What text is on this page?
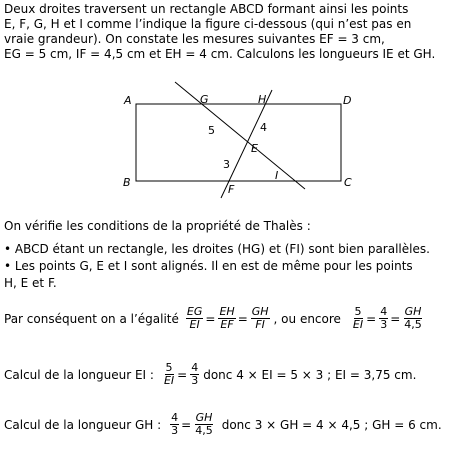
Deux droites traversent un rectangle ABCD formant ainsi les points
E, F, G, H et I comme l’indique la figure ci-dessous (qui n’est pas en
vraie grandeur). On constate les mesures suivantes EF = 3 cm,
EG = 5 cm, IF = 4,5 cm et EH = 4 cm. Calculons les longueurs IE et GH.
A
B	C
D
G	H
E
F
I
5	4
3
On vérifie les conditions de la propriété de Thalès :
• ABCD étant un rectangle, les droites (HG) et (FI) sont bien parallèles.
• Les points G, E et I sont alignés. Il en est de même pour les points
H, E et F.
Par conséquent on a l’égalité $\frac{EG}{EI} = \frac{EH}{EF} = \frac{GH}{FI}$ , ou encore $\frac{5}{EI} = \frac{4}{3} = \frac{GH}{4,5}$
Calcul de la longueur EI : $\frac{5}{EI} = \frac{4}{3}$ donc 4 × EI = 5 × 3 ; EI = 3,75 cm.
Calcul de la longueur GH : $\frac{4}{3} = \frac{GH}{4,5}$ donc 3 × GH = 4 × 4,5 ; GH = 6 cm.
